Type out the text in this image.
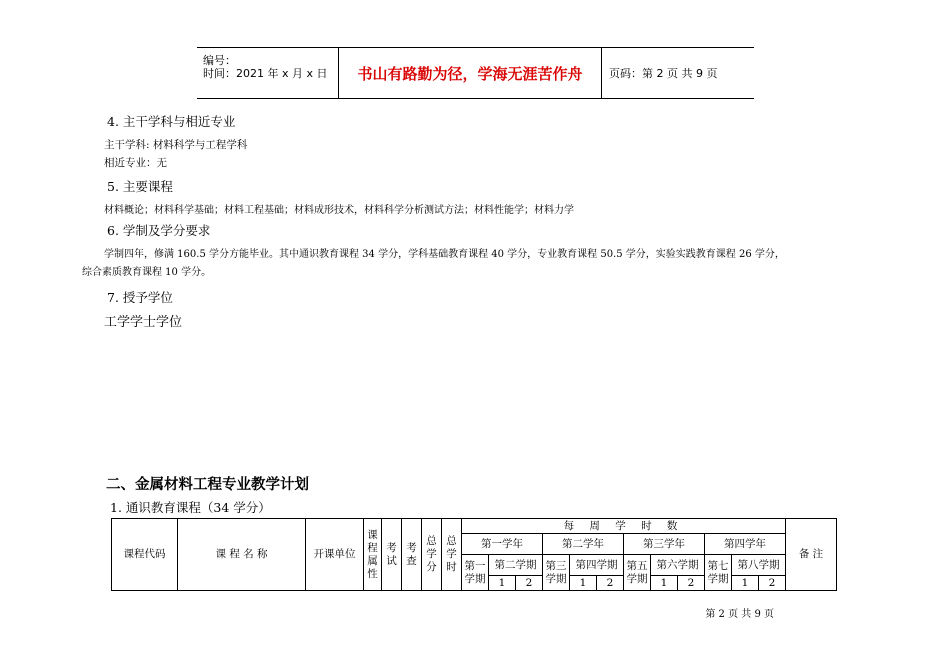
编号：
时间：2021 年 x 月 x 日	书山有路勤为径，学海无涯苦作舟	页码：第 2 页 共 9 页
4. 主干学科与相近专业
主干学科: 材料科学与工程学科
相近专业：无
5. 主要课程
材料概论；材料科学基础；材料工程基础；材料成形技术，材料科学分析测试方法；材料性能学；材料力学
6. 学制及学分要求
学制四年，修满 160.5 学分方能毕业。其中通识教育课程 34 学分，学科基础教育课程 40 学分，专业教育课程 50.5 学分，实验实践教育课程 26 学分，
综合素质教育课程 10 学分。
7. 授予学位
工学学士学位
二、金属材料工程专业教学计划
1. 通识教育课程（34 学分）
课程代码	课 程 名 称	开课单位	课程属性	考试	考查	总学分	总学时	每 周 学 时 数												备 注
								第一学年			第二学年			第三学年			第四学年			
								第一学期	第二学期		第三学期	第四学期		第五学期	第六学期		第七学期	第八学期		
									1	2		1	2		1	2		1	2	
第 2 页 共 9 页
